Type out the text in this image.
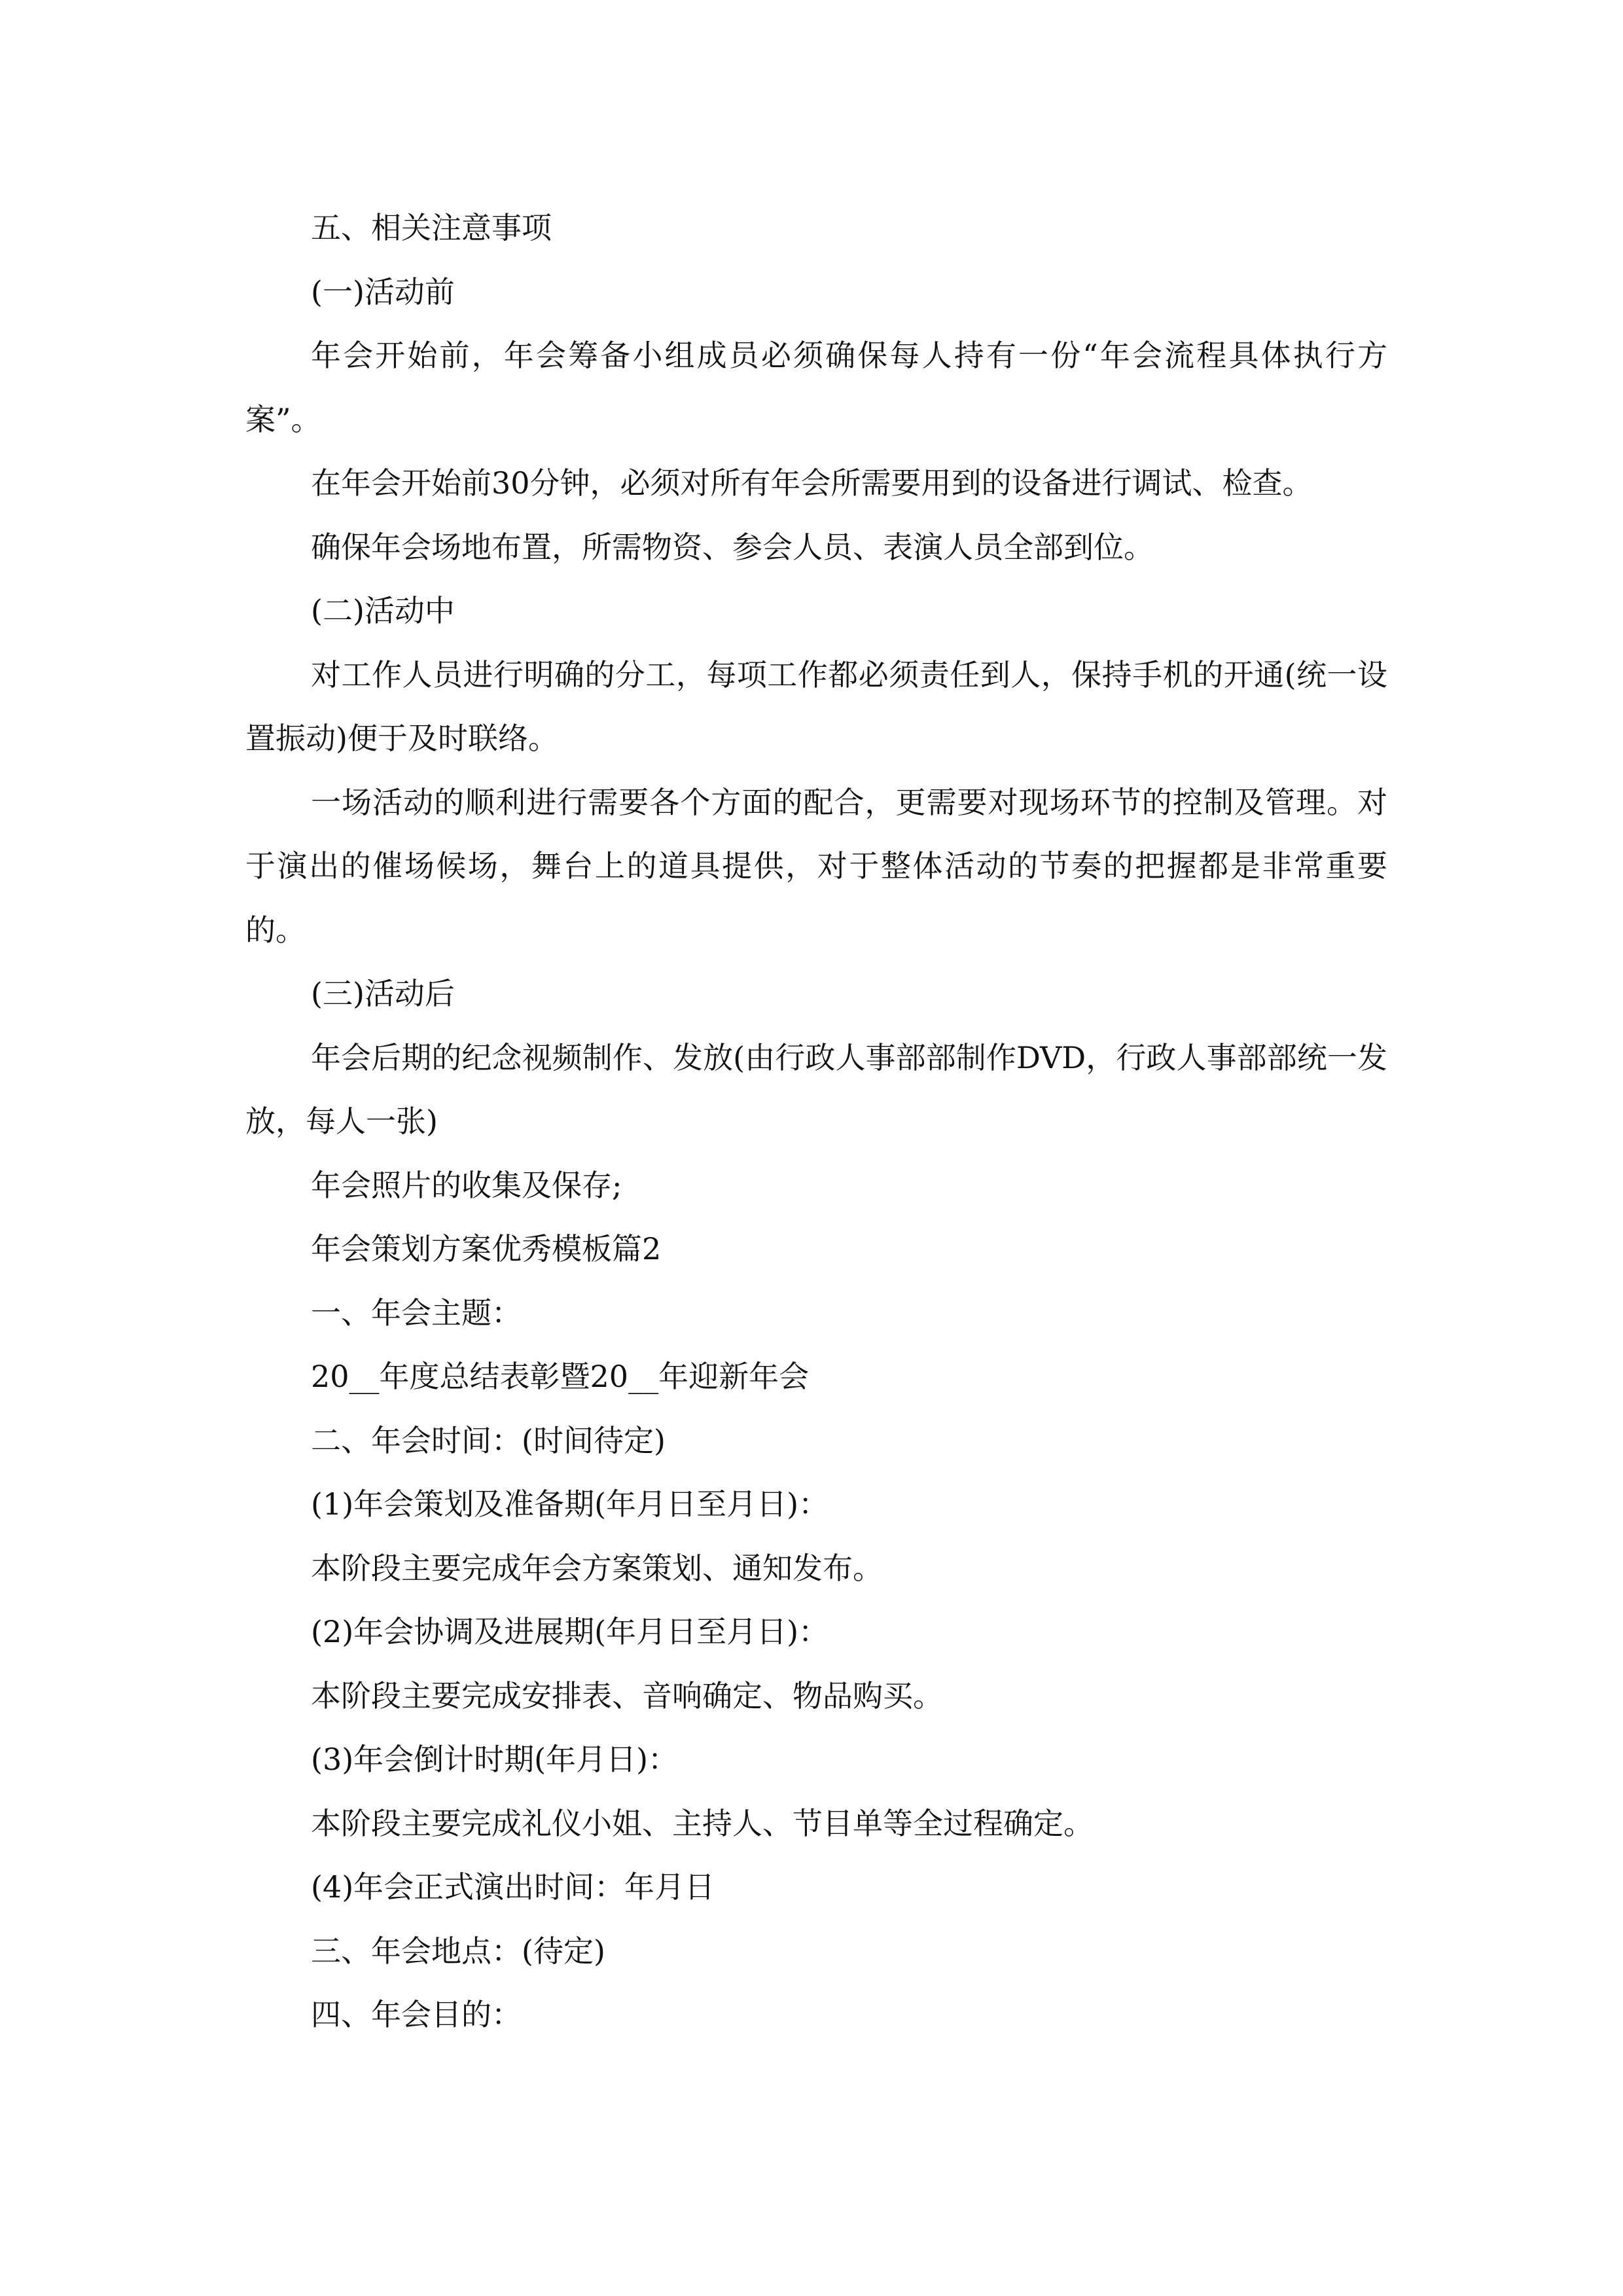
五、相关注意事项

(一)活动前

年会开始前，年会筹备小组成员必须确保每人持有一份“年会流程具体执行方案”。

在年会开始前30分钟，必须对所有年会所需要用到的设备进行调试、检查。

确保年会场地布置，所需物资、参会人员、表演人员全部到位。

(二)活动中

对工作人员进行明确的分工，每项工作都必须责任到人，保持手机的开通(统一设置振动)便于及时联络。

一场活动的顺利进行需要各个方面的配合，更需要对现场环节的控制及管理。对于演出的催场候场，舞台上的道具提供，对于整体活动的节奏的把握都是非常重要的。

(三)活动后

年会后期的纪念视频制作、发放(由行政人事部部制作DVD，行政人事部部统一发放，每人一张)

年会照片的收集及保存;

年会策划方案优秀模板篇2

一、年会主题：

20__年度总结表彰暨20__年迎新年会

二、年会时间：(时间待定)

(1)年会策划及准备期(年月日至月日)：

本阶段主要完成年会方案策划、通知发布。

(2)年会协调及进展期(年月日至月日)：

本阶段主要完成安排表、音响确定、物品购买。

(3)年会倒计时期(年月日)：

本阶段主要完成礼仪小姐、主持人、节目单等全过程确定。

(4)年会正式演出时间：年月日

三、年会地点：(待定)

四、年会目的：
